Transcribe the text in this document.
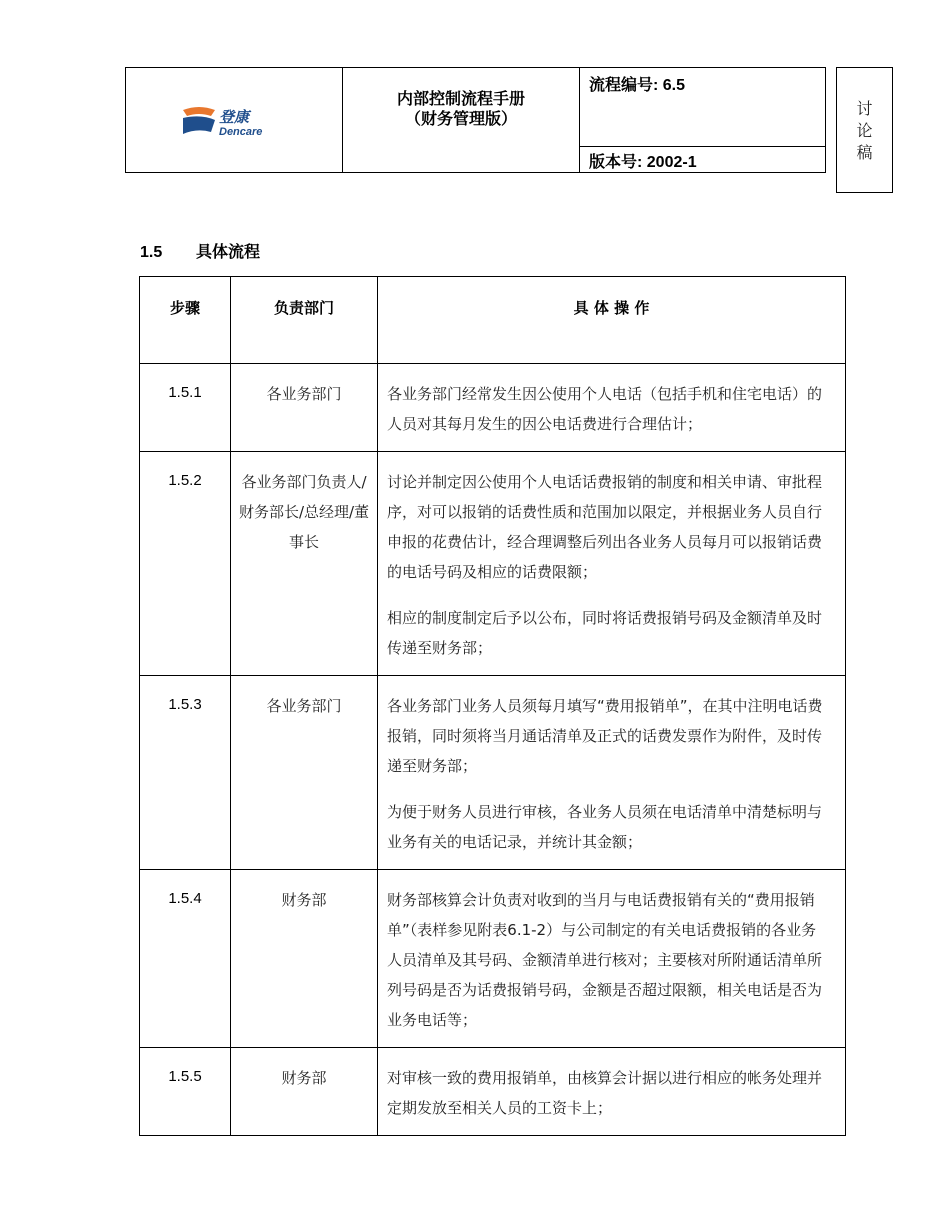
登康
Dencare

内部控制流程手册
（财务管理版）
	流程编号: 6.5
版本号: 2002-1
讨
论
稿
1.5 具体流程
步骤	负责部门	具 体 操 作
1.5.1	各业务部门	各业务部门经常发生因公使用个人电话（包括手机和住宅电话）的人员对其每月发生的因公电话费进行合理估计；

1.5.2	各业务部门负责人/财务部长/总经理/董事长	讨论并制定因公使用个人电话话费报销的制度和相关申请、审批程序，对可以报销的话费性质和范围加以限定，并根据业务人员自行申报的花费估计，经合理调整后列出各业务人员每月可以报销话费的电话号码及相应的话费限额；

相应的制度制定后予以公布，同时将话费报销号码及金额清单及时传递至财务部；

1.5.3	各业务部门	各业务部门业务人员须每月填写“费用报销单”，在其中注明电话费报销，同时须将当月通话清单及正式的话费发票作为附件，及时传递至财务部；

为便于财务人员进行审核，各业务人员须在电话清单中清楚标明与业务有关的电话记录，并统计其金额；

1.5.4	财务部	财务部核算会计负责对收到的当月与电话费报销有关的“费用报销单”（表样参见附表6.1-2）与公司制定的有关电话费报销的各业务人员清单及其号码、金额清单进行核对；主要核对所附通话清单所列号码是否为话费报销号码，金额是否超过限额，相关电话是否为业务电话等；

1.5.5	财务部	对审核一致的费用报销单，由核算会计据以进行相应的帐务处理并定期发放至相关人员的工资卡上；
